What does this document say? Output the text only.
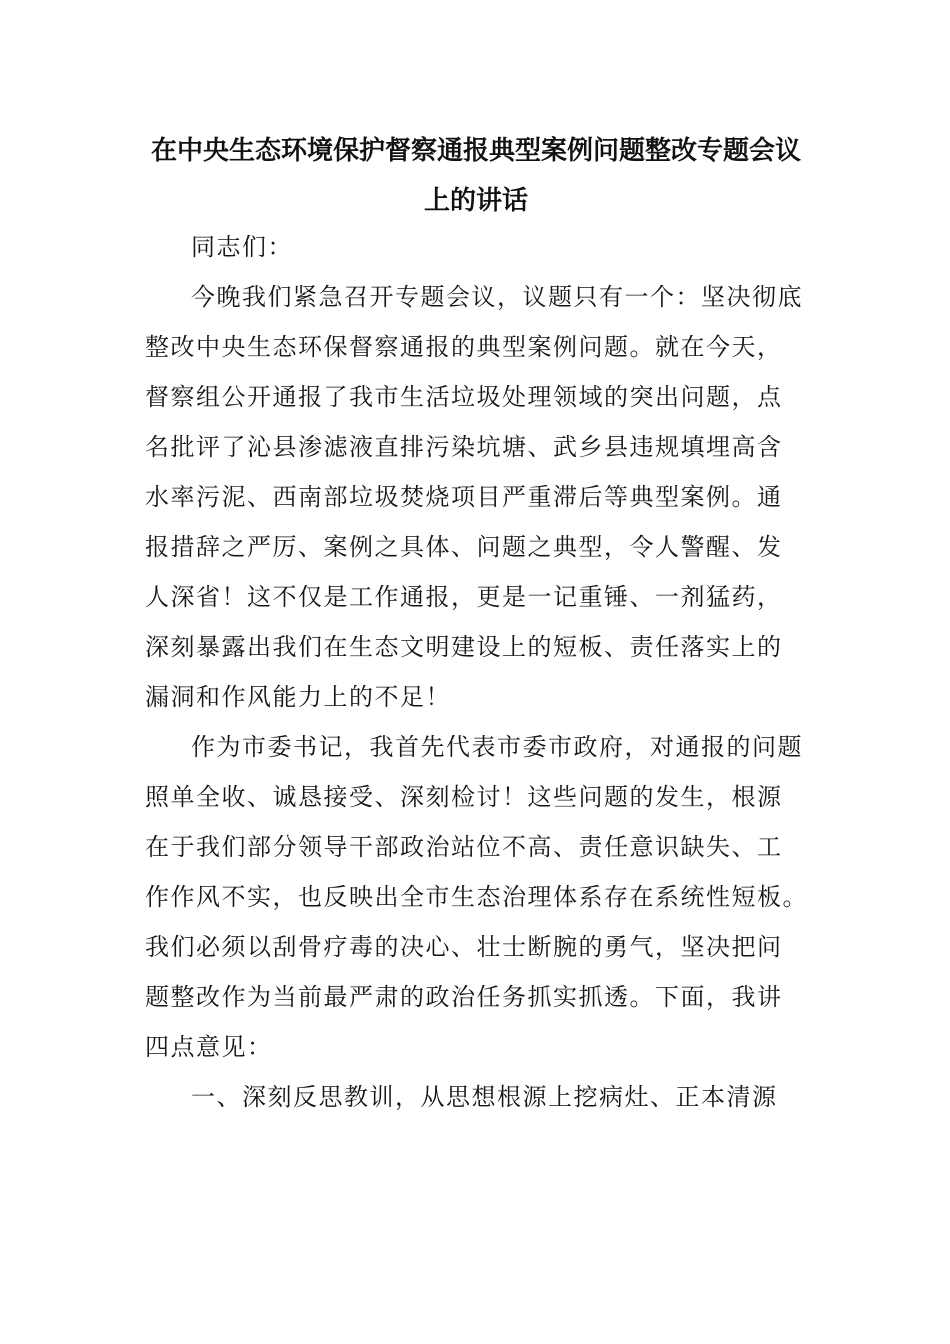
在中央生态环境保护督察通报典型案例问题整改专题会议
上的讲话

同志们：

今晚我们紧急召开专题会议，议题只有一个：坚决彻底
整改中央生态环保督察通报的典型案例问题。就在今天，
督察组公开通报了我市生活垃圾处理领域的突出问题，点
名批评了沁县渗滤液直排污染坑塘、武乡县违规填埋高含
水率污泥、西南部垃圾焚烧项目严重滞后等典型案例。通
报措辞之严厉、案例之具体、问题之典型，令人警醒、发
人深省！这不仅是工作通报，更是一记重锤、一剂猛药，
深刻暴露出我们在生态文明建设上的短板、责任落实上的
漏洞和作风能力上的不足！

作为市委书记，我首先代表市委市政府，对通报的问题
照单全收、诚恳接受、深刻检讨！这些问题的发生，根源
在于我们部分领导干部政治站位不高、责任意识缺失、工
作作风不实，也反映出全市生态治理体系存在系统性短板。
我们必须以刮骨疗毒的决心、壮士断腕的勇气，坚决把问
题整改作为当前最严肃的政治任务抓实抓透。下面，我讲
四点意见：

一、深刻反思教训，从思想根源上挖病灶、正本清源
